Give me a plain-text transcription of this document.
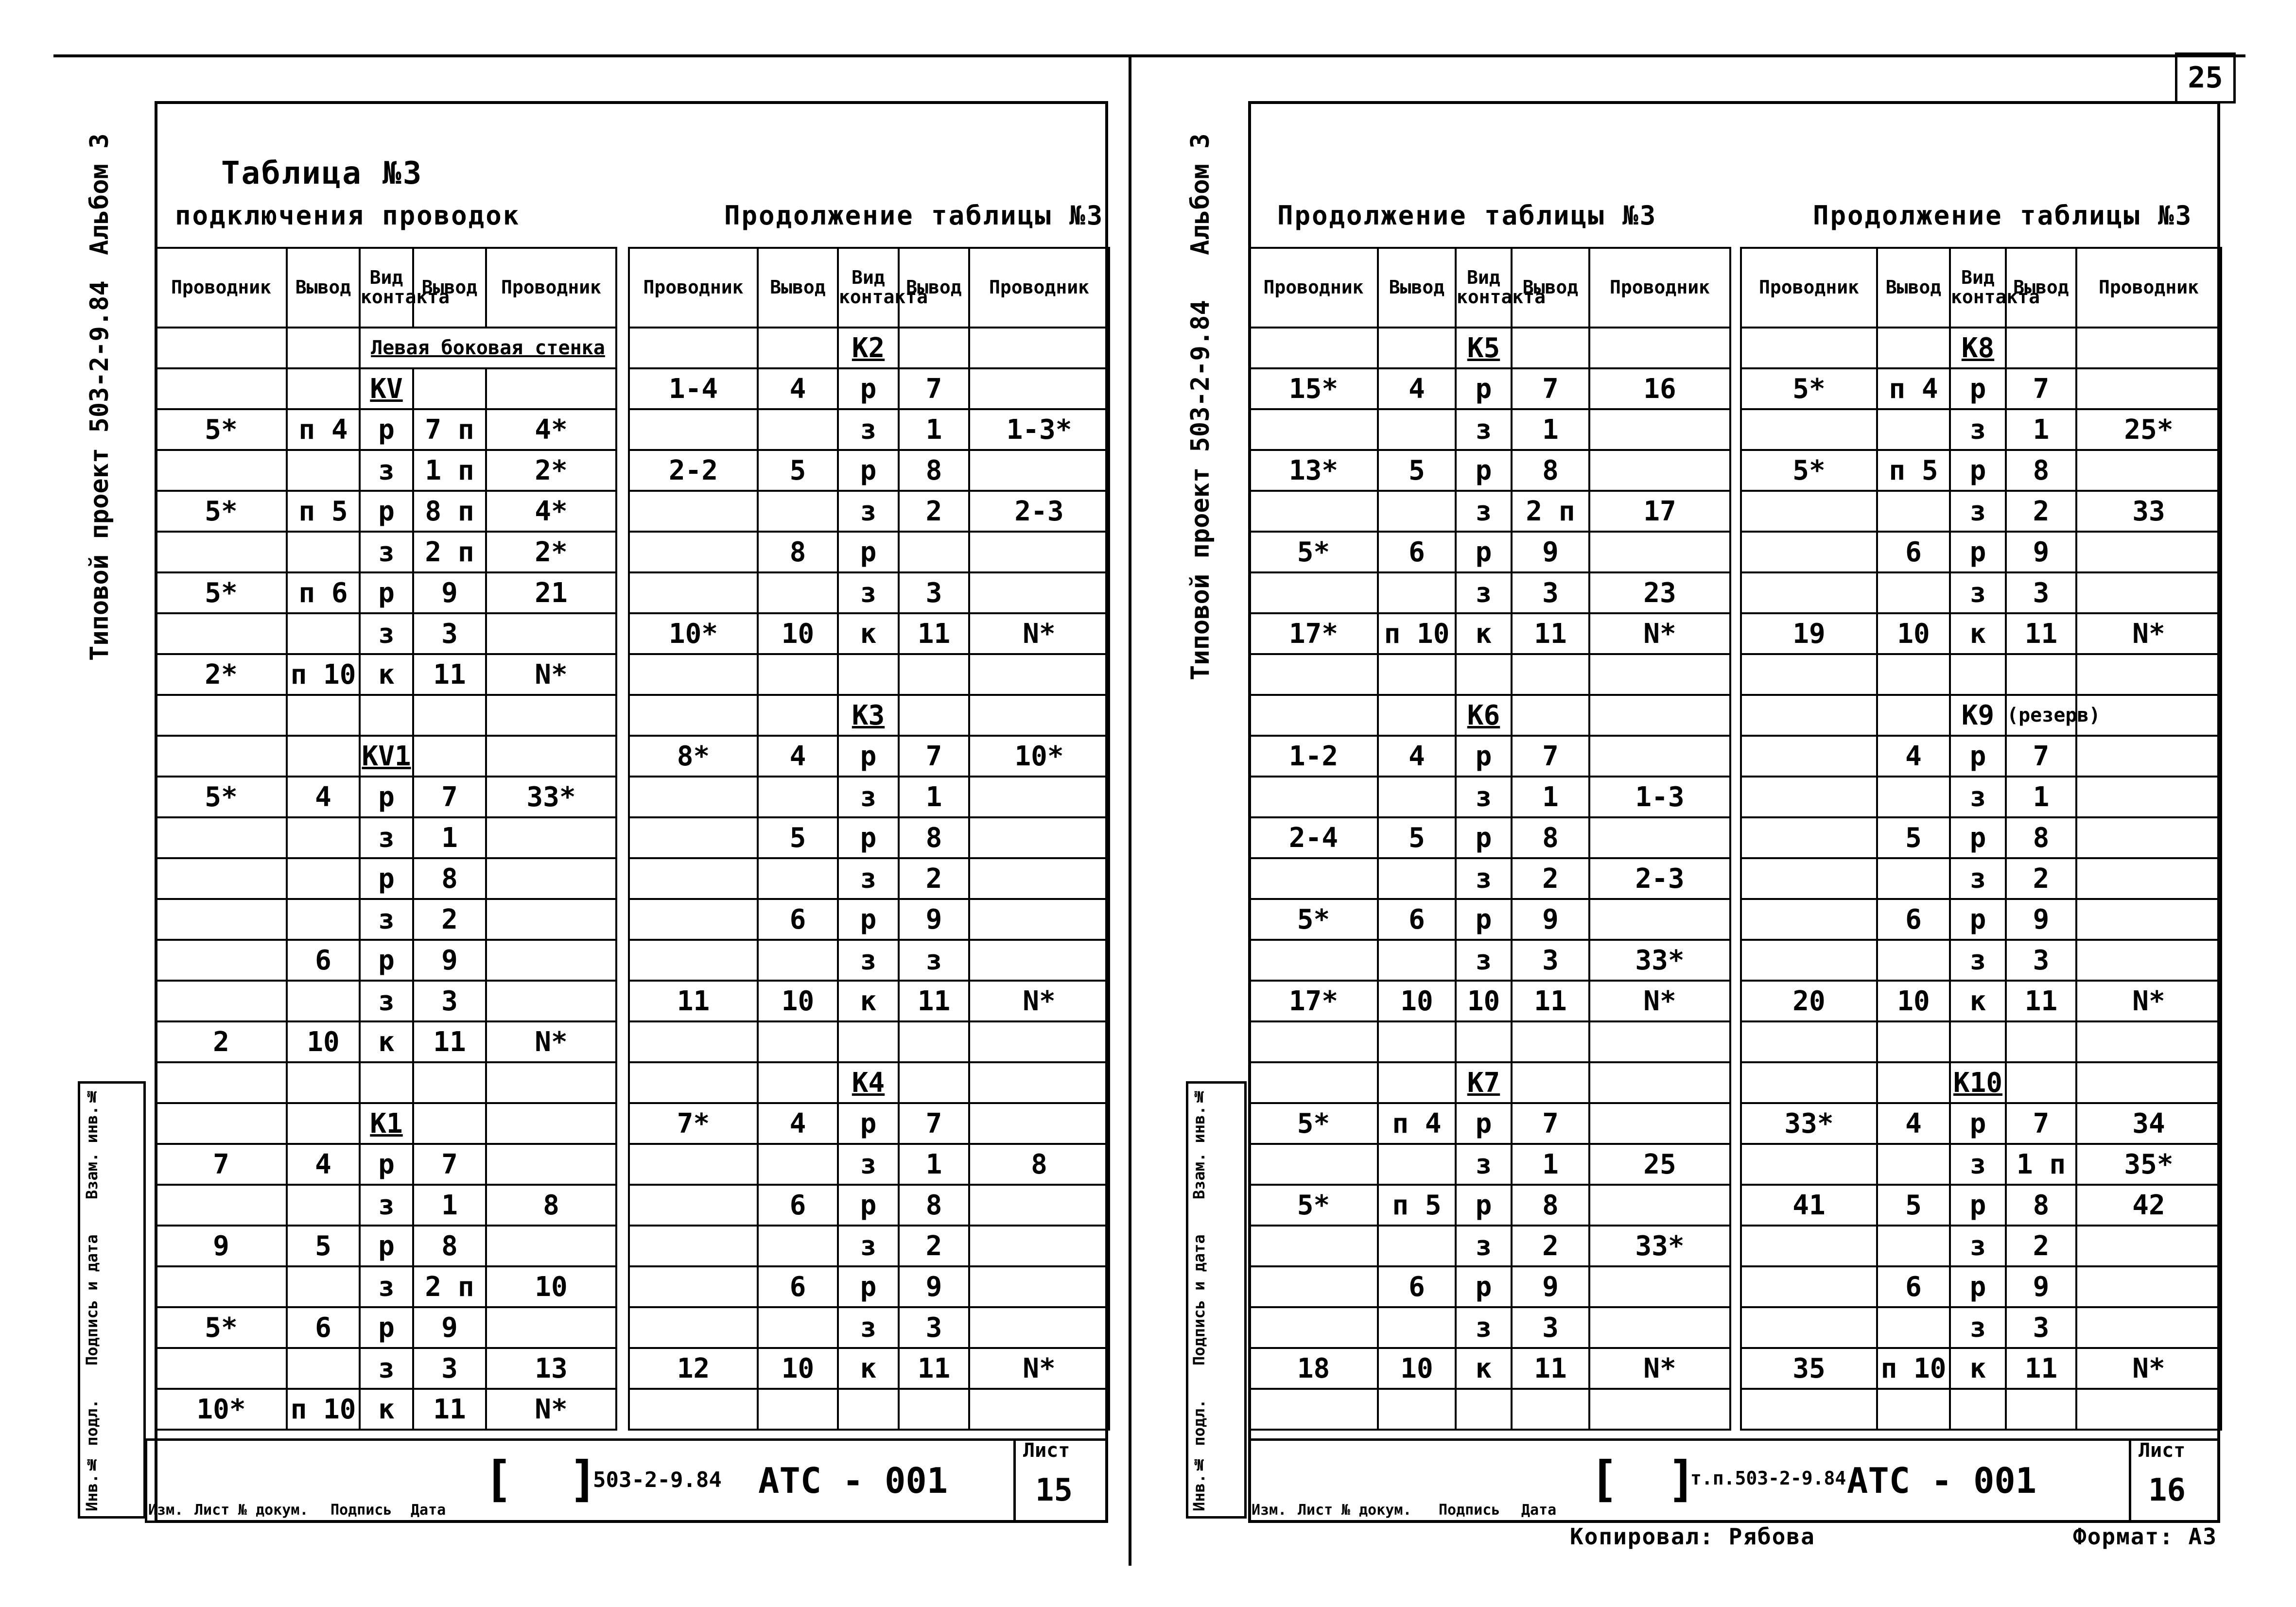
25
Альбом 3
Типовой проект 503-2-9.84
Таблица №3
подключения проводок	Продолжение таблицы №3
Проводник	Вывод	Вид контакта	Вывод	Проводник
		Левая боковая стенка		
		KV		
5*	п 4	р	7 п	4*
		з	1 п	2*
5*	п 5	р	8 п	4*
		з	2 п	2*
5*	п 6	р	9	21
		з	3	
2*	п 10	к	11	N*

		KV1		
5*	4	р	7	33*
		з	1	
		р	8	
		з	2	
	6	р	9	
		з	3	
2	10	к	11	N*

		K1		
7	4	р	7	
		з	1	8
9	5	р	8	
		з	2 п	10
5*	6	р	9	
		з	3	13
10*	п 10	к	11	N*
Проводник	Вывод	Вид контакта	Вывод	Проводник
		K2		
1-4	4	р	7	
		з	1	1-3*
2-2	5	р	8	
		з	2	2-3
	8	р		
		з	3	
10*	10	к	11	N*

		K3		
8*	4	р	7	10*
		з	1	
	5	р	8	
		з	2	
	6	р	9	
		з	з	
11	10	к	11	N*

		K4		
7*	4	р	7	
		з	1	8
	6	р	8	
		з	2	
	6	р	9	
		з	3	
12	10	к	11	N*

Инв.№ подл.
Подпись и дата
Взам. инв.№
Изм. Лист № докум. Подпись Дата
[ ]
503-2-9.84 АТС - 001
Лист
15
Альбом 3
Типовой проект 503-2-9.84
Продолжение таблицы №3	Продолжение таблицы №3
Проводник	Вывод	Вид контакта	Вывод	Проводник
		K5		
15*	4	р	7	16
		з	1	
13*	5	р	8	
		з	2 п	17
5*	6	р	9	
		з	3	23
17*	п 10	к	11	N*

		K6		
1-2	4	р	7	
		з	1	1-3
2-4	5	р	8	
		з	2	2-3
5*	6	р	9	
		з	3	33*
17*	10	10	11	N*

		K7		
5*	п 4	р	7	
		з	1	25
5*	п 5	р	8	
		з	2	33*
	6	р	9	
		з	3	
18	10	к	11	N*

Проводник	Вывод	Вид контакта	Вывод	Проводник
		K8		
5*	п 4	р	7	
		з	1	25*
5*	п 5	р	8	
		з	2	33
	6	р	9	
		з	3	
19	10	к	11	N*

		K9	(резерв)	
	4	р	7	
		з	1	
	5	р	8	
		з	2	
	6	р	9	
		з	3	
20	10	к	11	N*

		K10		
33*	4	р	7	34
		з	1 п	35*
41	5	р	8	42
		з	2	
	6	р	9	
		з	3	
35	п 10	к	11	N*

Инв.№ подл.
Подпись и дата
Взам. инв.№
Изм. Лист № докум. Подпись Дата
[ ]
т.п.503-2-9.84 АТС - 001
Лист
16
Копировал: Рябова	Формат: А3
